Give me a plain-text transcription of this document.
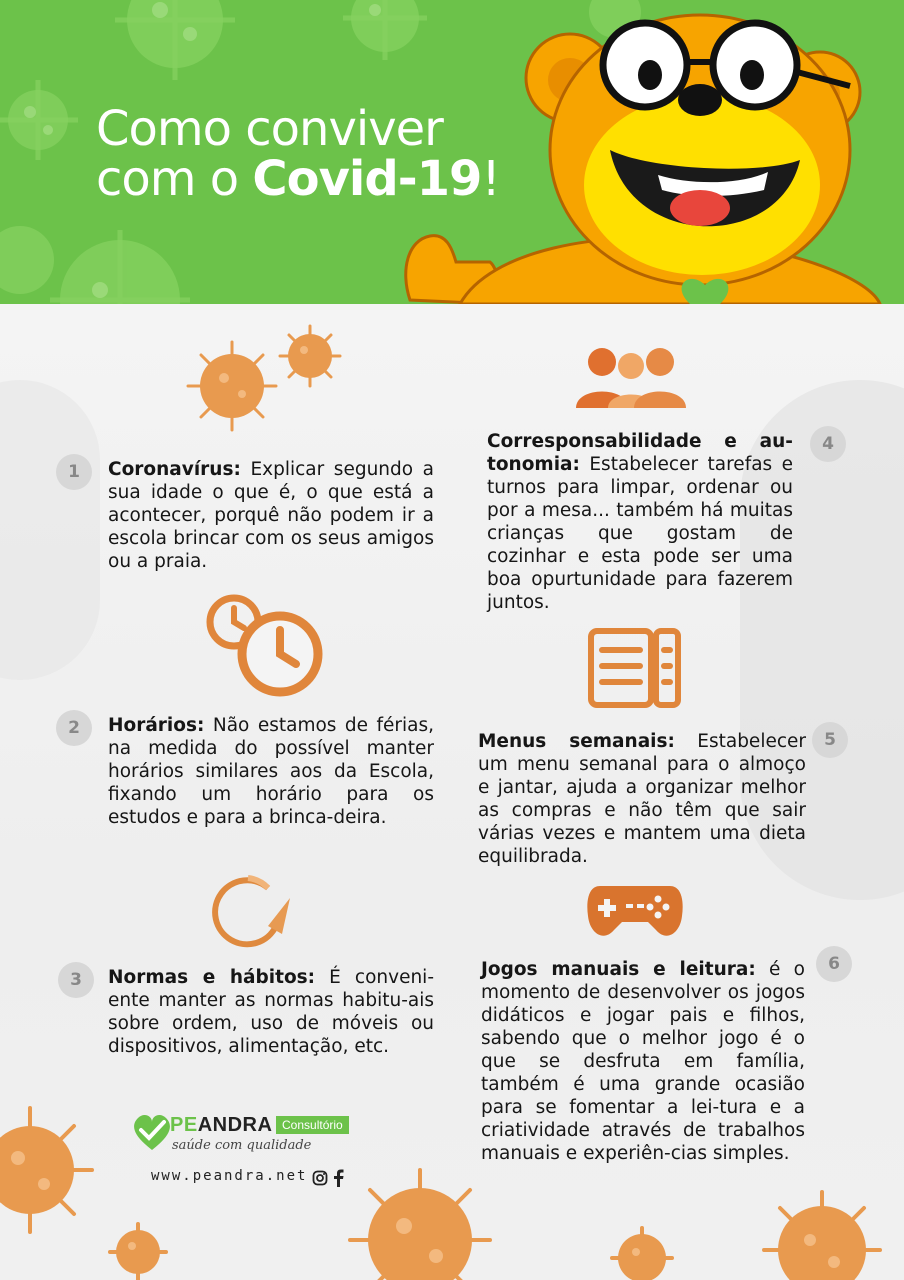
Como conviver
com o Covid-19!
1	Coronavírus: Explicar segundo a sua idade o que é, o que está a acontecer, porquê não podem ir a escola brincar com os seus amigos ou a praia.
2	Horários: Não estamos de férias, na medida do possível manter horários similares aos da Escola, fixando um horário para os estudos e para a brinca-deira.
3	Normas e hábitos: É conveni-ente manter as normas habitu-ais sobre ordem, uso de móveis ou dispositivos, alimentação, etc.
4
Corresponsabilidade e au-tonomia: Estabelecer tarefas e turnos para limpar, ordenar ou por a mesa... também há muitas crianças que gostam de cozinhar e esta pode ser uma boa opurtunidade para fazerem juntos.
5
Menus semanais: Estabelecer um menu semanal para o almoço e jantar, ajuda a organizar melhor as compras e não têm que sair várias vezes e mantem uma dieta equilibrada.
6
Jogos manuais e leitura: é o momento de desenvolver os jogos didáticos e jogar pais e filhos, sabendo que o melhor jogo é o que se desfruta em família, também é uma grande ocasião para se fomentar a lei-tura e a criatividade através de trabalhos manuais e experiên-cias simples.
PEANDRA Consultório
saúde com qualidade
www.peandra.net
